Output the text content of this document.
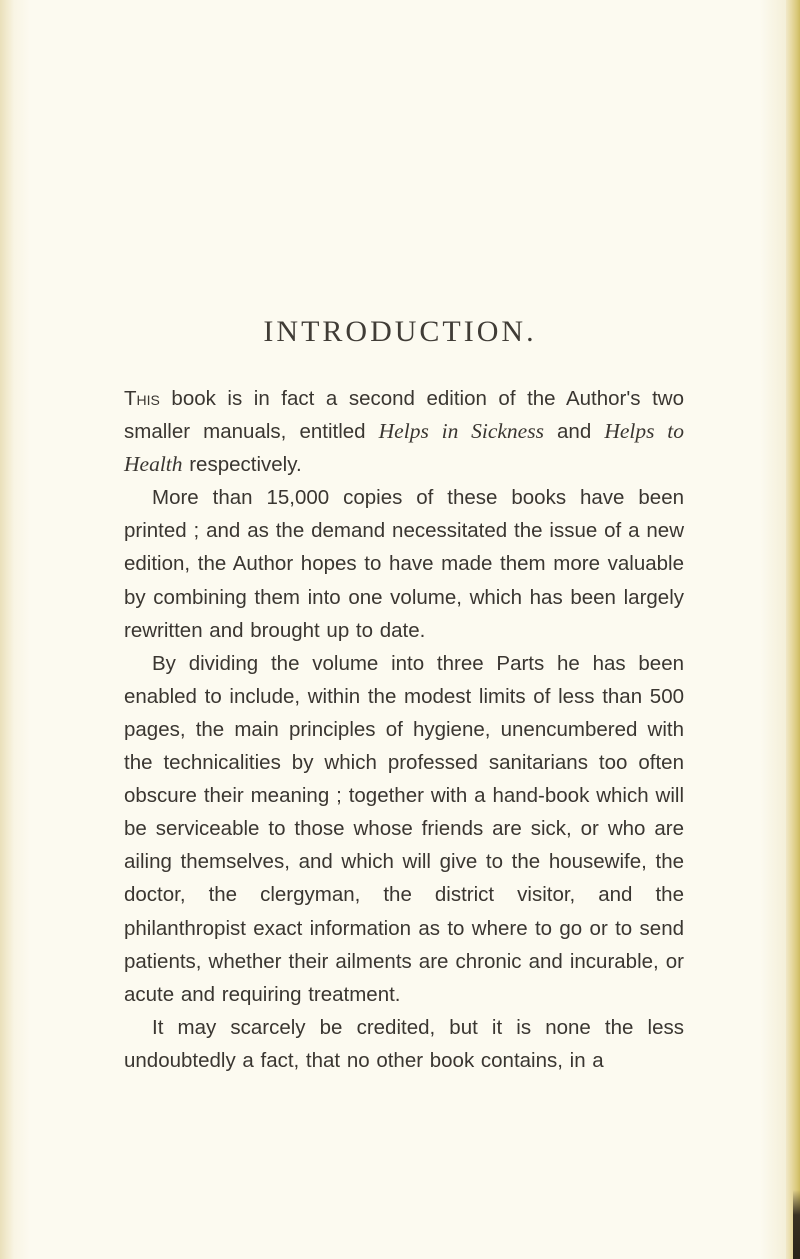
INTRODUCTION.

This book is in fact a second edition of the Author's two smaller manuals, entitled Helps in Sickness and Helps to Health respectively.

More than 15,000 copies of these books have been printed ; and as the demand necessitated the issue of a new edition, the Author hopes to have made them more valuable by combining them into one volume, which has been largely rewritten and brought up to date.

By dividing the volume into three Parts he has been enabled to include, within the modest limits of less than 500 pages, the main principles of hygiene, unencumbered with the technicalities by which professed sanitarians too often obscure their meaning ; together with a hand-book which will be serviceable to those whose friends are sick, or who are ailing themselves, and which will give to the housewife, the doctor, the clergyman, the district visitor, and the philanthropist exact information as to where to go or to send patients, whether their ailments are chronic and incurable, or acute and requiring treatment.

It may scarcely be credited, but it is none the less undoubtedly a fact, that no other book contains, in a
